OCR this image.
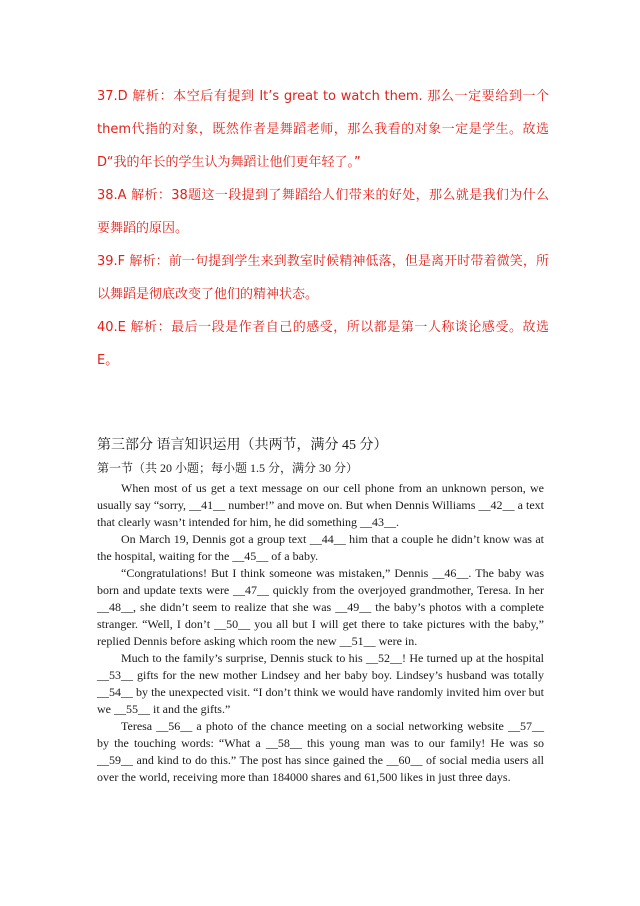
37.D 解析：本空后有提到 It’s great to watch them. 那么一定要给到一个them代指的对象，既然作者是舞蹈老师，那么我看的对象一定是学生。故选D“我的年长的学生认为舞蹈让他们更年轻了。”

38.A 解析：38题这一段提到了舞蹈给人们带来的好处，那么就是我们为什么要舞蹈的原因。

39.F 解析：前一句提到学生来到教室时候精神低落，但是离开时带着微笑，所以舞蹈是彻底改变了他们的精神状态。

40.E 解析：最后一段是作者自己的感受，所以都是第一人称谈论感受。故选E。

第三部分 语言知识运用（共两节，满分 45 分）
第一节（共 20 小题；每小题 1.5 分，满分 30 分）

When most of us get a text message on our cell phone from an unknown person, we usually say “sorry, __41__ number!” and move on. But when Dennis Williams __42__ a text that clearly wasn’t intended for him, he did something __43__.

On March 19, Dennis got a group text __44__ him that a couple he didn’t know was at the hospital, waiting for the __45__ of a baby.

“Congratulations! But I think someone was mistaken,” Dennis __46__. The baby was born and update texts were __47__ quickly from the overjoyed grandmother, Teresa. In her __48__, she didn’t seem to realize that she was __49__ the baby’s photos with a complete stranger. “Well, I don’t __50__ you all but I will get there to take pictures with the baby,” replied Dennis before asking which room the new __51__ were in.

Much to the family’s surprise, Dennis stuck to his __52__! He turned up at the hospital __53__ gifts for the new mother Lindsey and her baby boy. Lindsey’s husband was totally __54__ by the unexpected visit. “I don’t think we would have randomly invited him over but we __55__ it and the gifts.”

Teresa __56__ a photo of the chance meeting on a social networking website __57__ by the touching words: “What a __58__ this young man was to our family! He was so __59__ and kind to do this.” The post has since gained the __60__ of social media users all over the world, receiving more than 184000 shares and 61,500 likes in just three days.
